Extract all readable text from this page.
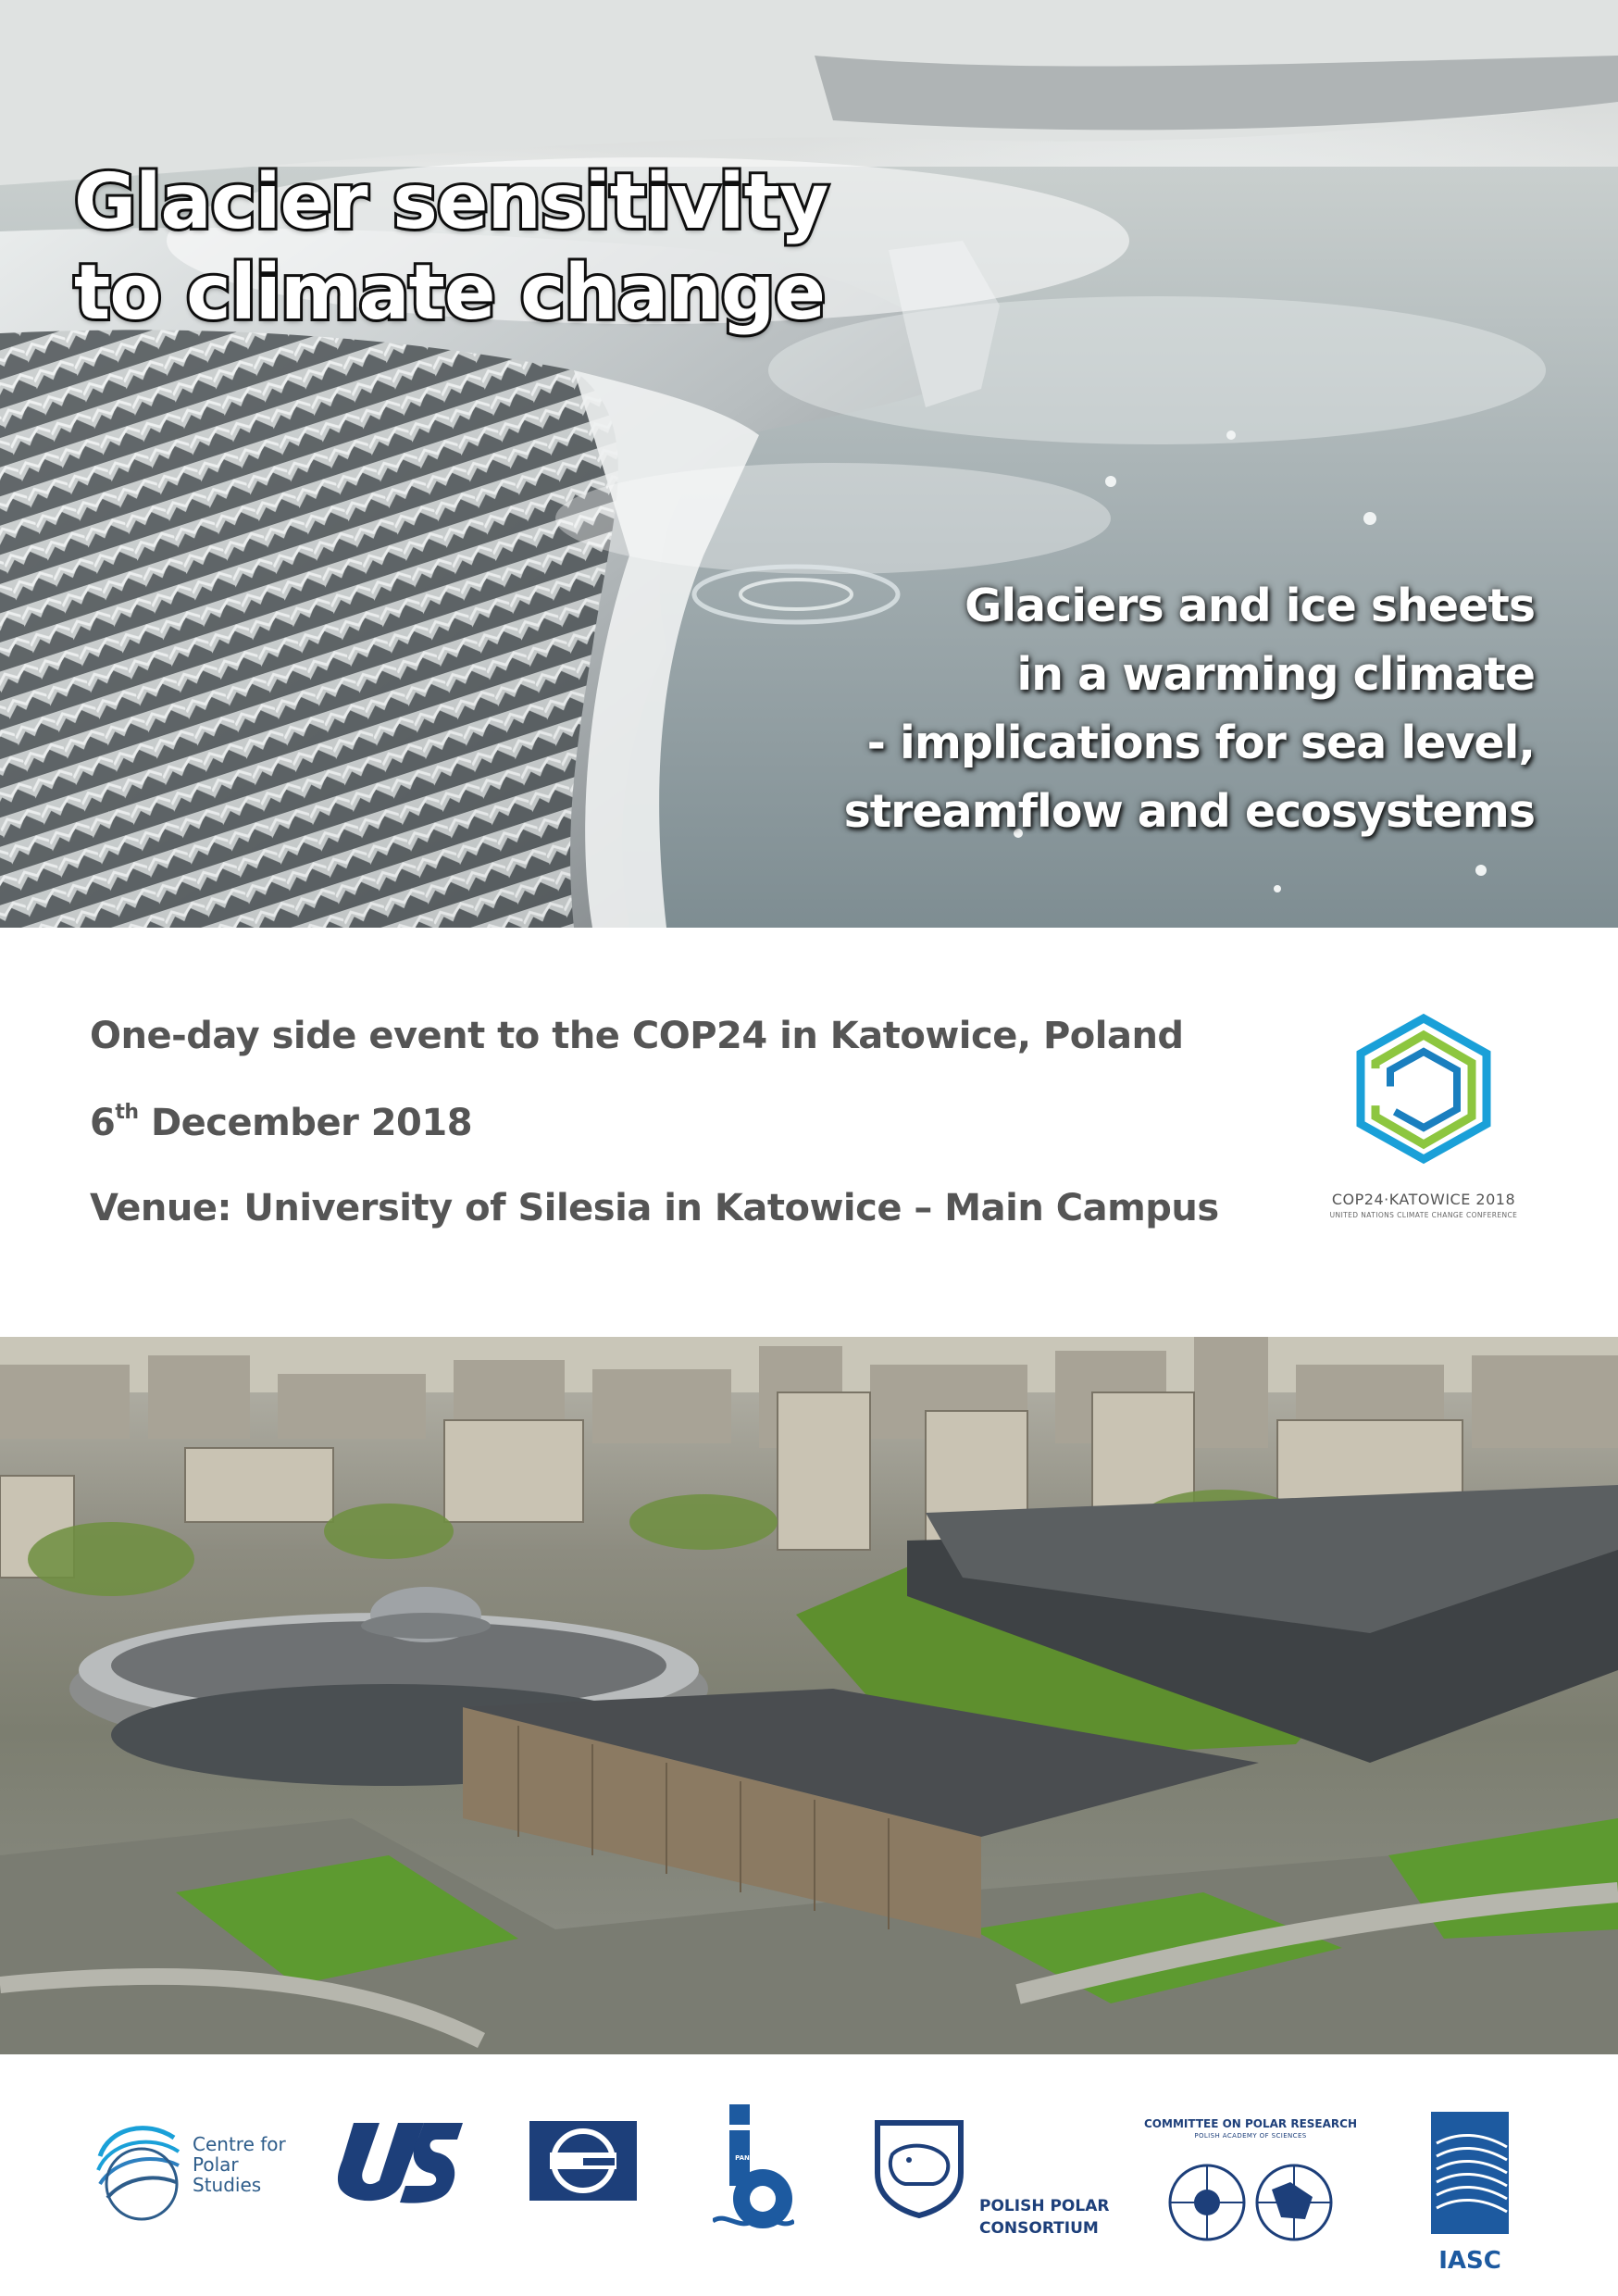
Glacier sensitivity
to climate change
Glaciers and ice sheets
in a warming climate
- implications for sea level,
streamflow and ecosystems

One-day side event to the COP24 in Katowice, Poland

6th December 2018

Venue: University of Silesia in Katowice – Main Campus	COP24·KATOWICE 2018
UNITED NATIONS CLIMATE CHANGE CONFERENCE
Centre for Polar Studies
PAN
POLISH POLAR CONSORTIUM
COMMITTEE ON POLAR RESEARCH
POLISH ACADEMY OF SCIENCES
IASC
